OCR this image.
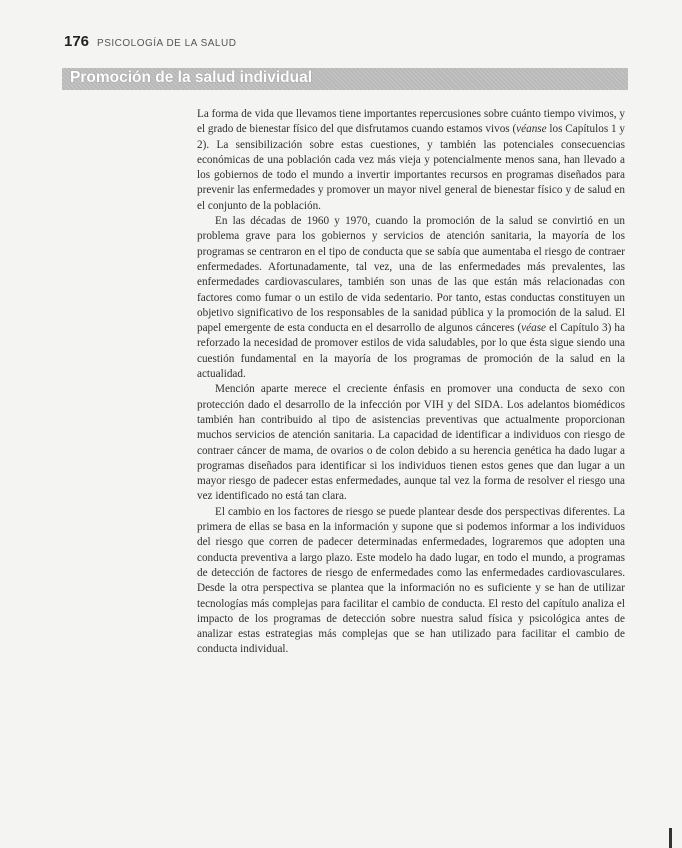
176 PSICOLOGÍA DE LA SALUD
Promoción de la salud individual

La forma de vida que llevamos tiene importantes repercusiones sobre cuánto tiempo vivimos, y el grado de bienestar físico del que disfrutamos cuando estamos vivos (véanse los Capítulos 1 y 2). La sensibilización sobre estas cuestiones, y también las potenciales consecuencias económicas de una población cada vez más vieja y potencialmente menos sana, han llevado a los gobiernos de todo el mundo a invertir importantes recursos en programas diseñados para prevenir las enfermedades y promover un mayor nivel general de bienestar físico y de salud en el conjunto de la población.

En las décadas de 1960 y 1970, cuando la promoción de la salud se convirtió en un problema grave para los gobiernos y servicios de atención sanitaria, la mayoría de los programas se centraron en el tipo de conducta que se sabía que aumentaba el riesgo de contraer enfermedades. Afortunadamente, tal vez, una de las enfermedades más prevalentes, las enfermedades cardiovasculares, también son unas de las que están más relacionadas con factores como fumar o un estilo de vida sedentario. Por tanto, estas conductas constituyen un objetivo significativo de los responsables de la sanidad pública y la promoción de la salud. El papel emergente de esta conducta en el desarrollo de algunos cánceres (véase el Capítulo 3) ha reforzado la necesidad de promover estilos de vida saludables, por lo que ésta sigue siendo una cuestión fundamental en la mayoría de los programas de promoción de la salud en la actualidad.

Mención aparte merece el creciente énfasis en promover una conducta de sexo con protección dado el desarrollo de la infección por VIH y del SIDA. Los adelantos biomédicos también han contribuido al tipo de asistencias preventivas que actualmente proporcionan muchos servicios de atención sanitaria. La capacidad de identificar a individuos con riesgo de contraer cáncer de mama, de ovarios o de colon debido a su herencia genética ha dado lugar a programas diseñados para identificar si los individuos tienen estos genes que dan lugar a un mayor riesgo de padecer estas enfermedades, aunque tal vez la forma de resolver el riesgo una vez identificado no está tan clara.

El cambio en los factores de riesgo se puede plantear desde dos perspectivas diferentes. La primera de ellas se basa en la información y supone que si podemos informar a los individuos del riesgo que corren de padecer determinadas enfermedades, lograremos que adopten una conducta preventiva a largo plazo. Este modelo ha dado lugar, en todo el mundo, a programas de detección de factores de riesgo de enfermedades como las enfermedades cardiovasculares. Desde la otra perspectiva se plantea que la información no es suficiente y se han de utilizar tecnologías más complejas para facilitar el cambio de conducta. El resto del capítulo analiza el impacto de los programas de detección sobre nuestra salud física y psicológica antes de analizar estas estrategias más complejas que se han utilizado para facilitar el cambio de conducta individual.
